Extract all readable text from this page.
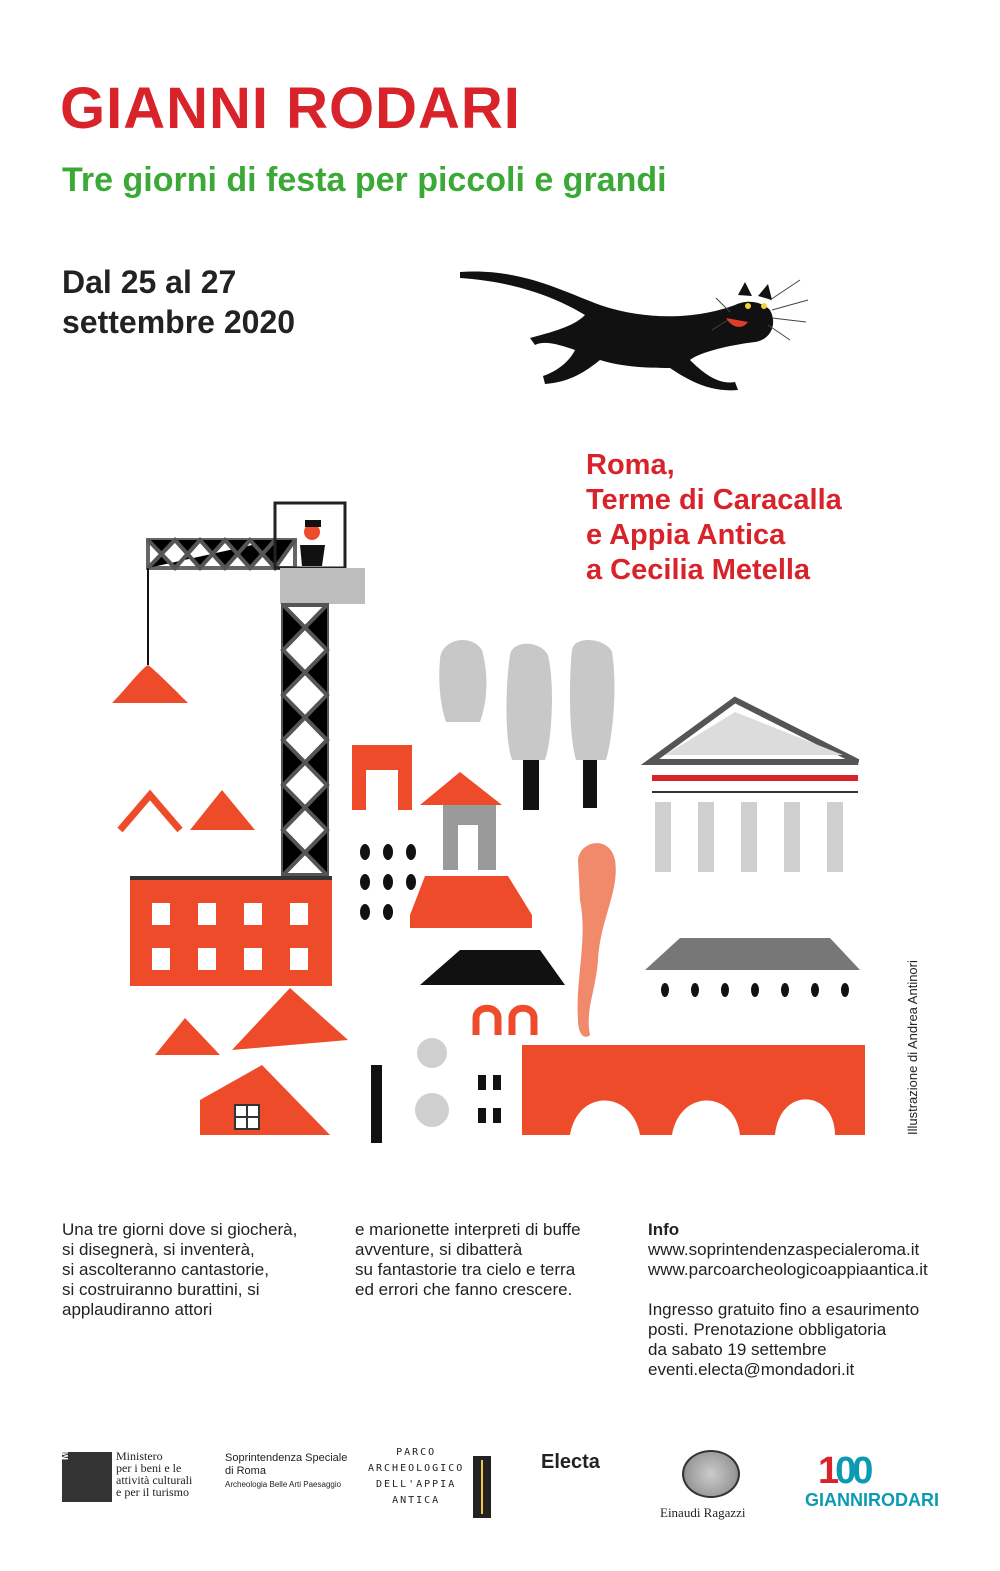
GIANNI RODARI
Tre giorni di festa per piccoli e grandi
Dal 25 al 27
settembre 2020
Roma,
Terme di Caracalla
e Appia Antica
a Cecilia Metella
Illustrazione di Andrea Antinori
Una tre giorni dove si giocherà,
si disegnerà, si inventerà,
si ascolteranno cantastorie,
si costruiranno burattini, si
applaudiranno attori
e marionette interpreti di buffe
avventure, si dibatterà
su fantastorie tra cielo e terra
ed errori che fanno crescere.
Info
www.soprintendenzaspecialeroma.it
www.parcoarcheologicoappiaantica.it
Ingresso gratuito fino a esaurimento
posti. Prenotazione obbligatoria
da sabato 19 settembre
eventi.electa@mondadori.it
MIBACT	Ministero
per i beni e le
attività culturali
e per il turismo
Soprintendenza Speciale
di Roma
Archeologia Belle Arti Paesaggio
PARCO
ARCHEOLOGICO
DELL'APPIA
ANTICA
Electa
Einaudi Ragazzi
100
GIANNIRODARI
